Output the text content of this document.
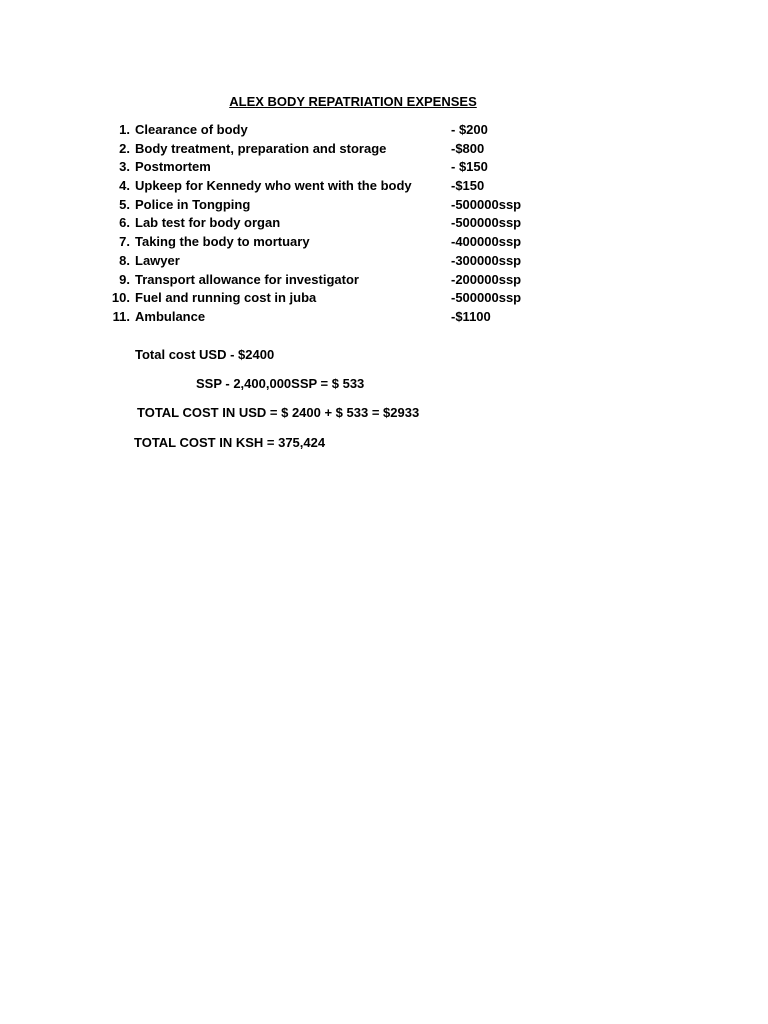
ALEX BODY REPATRIATION EXPENSES
1. Clearance of body	- $200
2. Body treatment, preparation and storage	-$800
3. Postmortem	- $150
4. Upkeep for Kennedy who went with the body	-$150
5. Police in Tongping	-500000ssp
6. Lab test for body organ	-500000ssp
7. Taking the body to mortuary	-400000ssp
8. Lawyer	-300000ssp
9. Transport allowance for investigator	-200000ssp
10. Fuel and running cost in juba	-500000ssp
11. Ambulance	-$1100
Total cost USD - $2400
SSP - 2,400,000SSP = $ 533
TOTAL COST IN USD = $ 2400 + $ 533 = $2933
TOTAL COST IN KSH = 375,424
